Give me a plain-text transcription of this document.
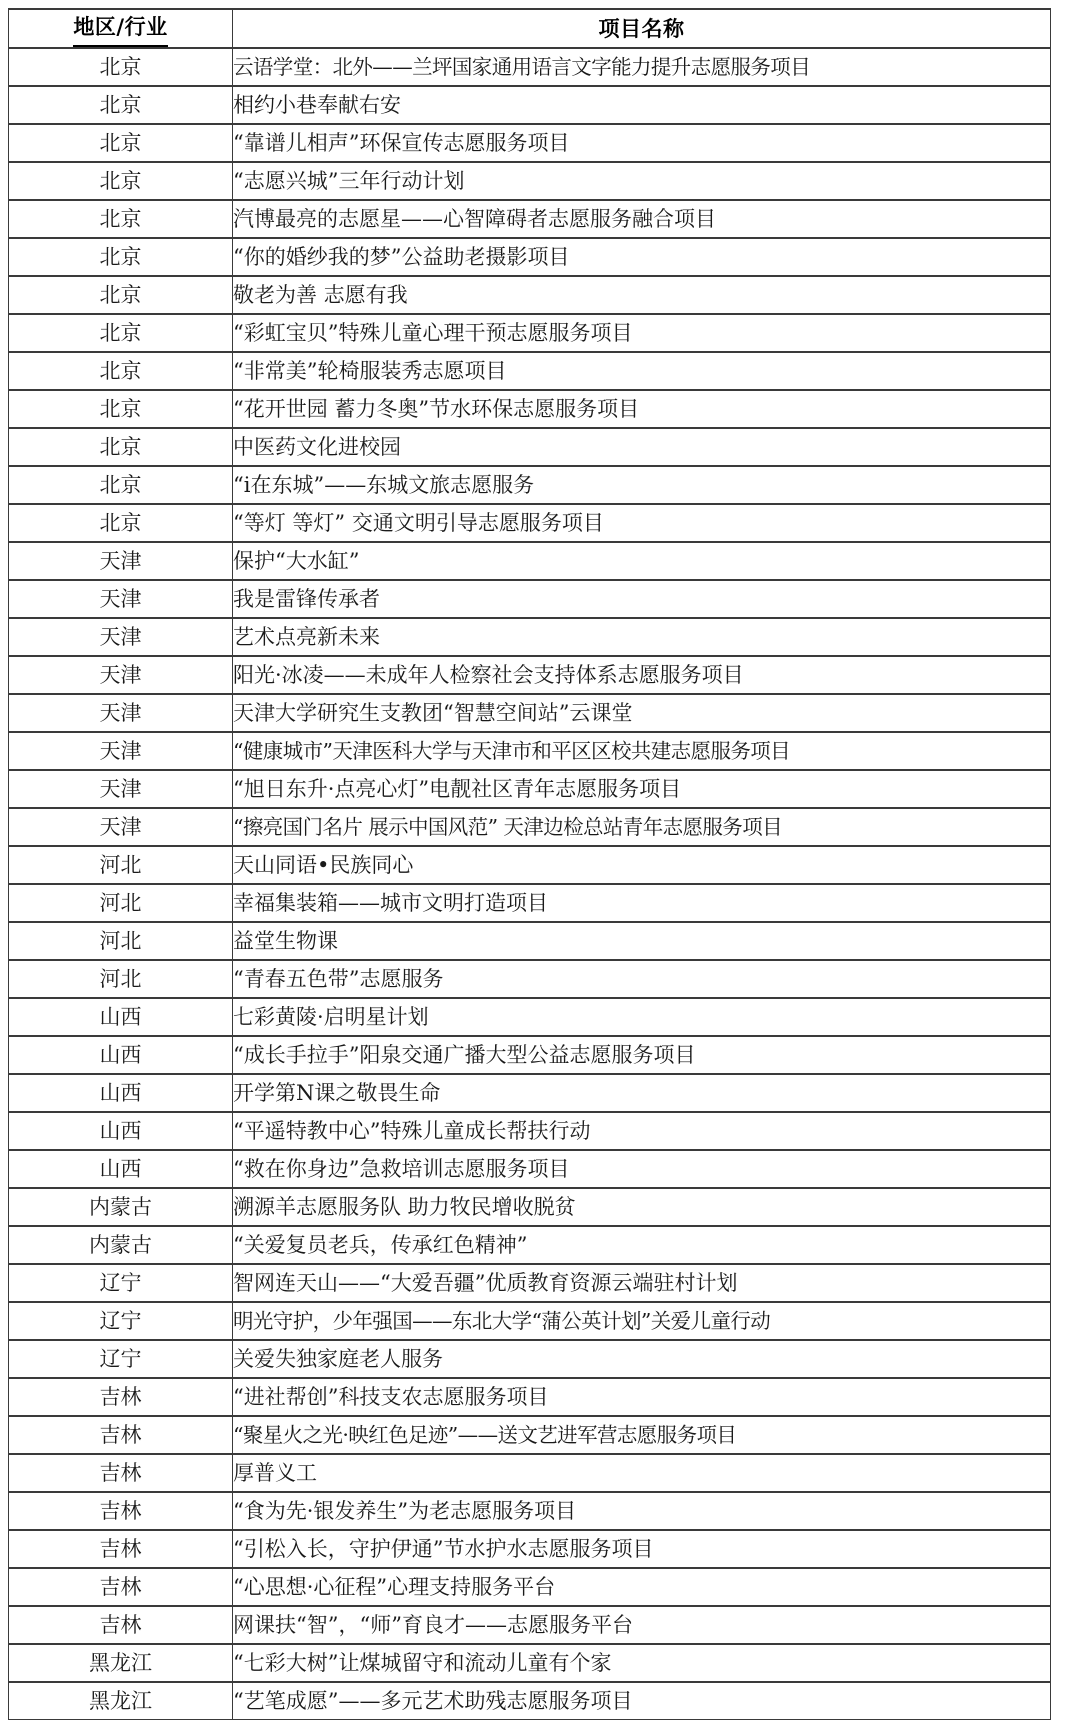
地区/行业	项目名称
北京	云语学堂：北外——兰坪国家通用语言文字能力提升志愿服务项目
北京	相约小巷奉献右安
北京	“靠谱儿相声”环保宣传志愿服务项目
北京	“志愿兴城”三年行动计划
北京	汽博最亮的志愿星——心智障碍者志愿服务融合项目
北京	“你的婚纱我的梦”公益助老摄影项目
北京	敬老为善 志愿有我
北京	“彩虹宝贝”特殊儿童心理干预志愿服务项目
北京	“非常美”轮椅服装秀志愿项目
北京	“花开世园 蓄力冬奥”节水环保志愿服务项目
北京	中医药文化进校园
北京	“i在东城”——东城文旅志愿服务
北京	“等灯 等灯” 交通文明引导志愿服务项目
天津	保护“大水缸”
天津	我是雷锋传承者
天津	艺术点亮新未来
天津	阳光·冰凌——未成年人检察社会支持体系志愿服务项目
天津	天津大学研究生支教团“智慧空间站”云课堂
天津	“健康城市”天津医科大学与天津市和平区区校共建志愿服务项目
天津	“旭日东升·点亮心灯”电靓社区青年志愿服务项目
天津	“擦亮国门名片 展示中国风范” 天津边检总站青年志愿服务项目
河北	天山同语•民族同心
河北	幸福集装箱——城市文明打造项目
河北	益堂生物课
河北	“青春五色带”志愿服务
山西	七彩黄陵·启明星计划
山西	“成长手拉手”阳泉交通广播大型公益志愿服务项目
山西	开学第N课之敬畏生命
山西	“平遥特教中心”特殊儿童成长帮扶行动
山西	“救在你身边”急救培训志愿服务项目
内蒙古	溯源羊志愿服务队 助力牧民增收脱贫
内蒙古	“关爱复员老兵，传承红色精神”
辽宁	智网连天山——“大爱吾疆”优质教育资源云端驻村计划
辽宁	明光守护，少年强国——东北大学“蒲公英计划”关爱儿童行动
辽宁	关爱失独家庭老人服务
吉林	“进社帮创”科技支农志愿服务项目
吉林	“聚星火之光·映红色足迹”——送文艺进军营志愿服务项目
吉林	厚普义工
吉林	“食为先·银发养生”为老志愿服务项目
吉林	“引松入长，守护伊通”节水护水志愿服务项目
吉林	“心思想·心征程”心理支持服务平台
吉林	网课扶“智”，“师”育良才——志愿服务平台
黑龙江	“七彩大树”让煤城留守和流动儿童有个家
黑龙江	“艺笔成愿”——多元艺术助残志愿服务项目
